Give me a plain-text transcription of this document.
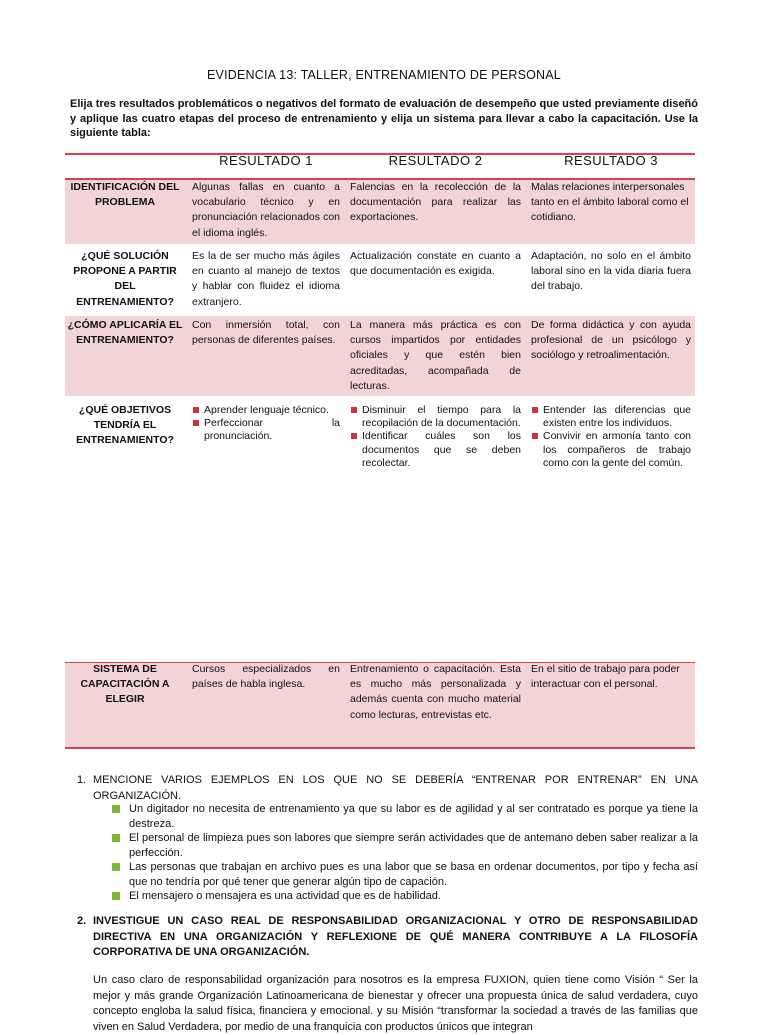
EVIDENCIA 13: TALLER, ENTRENAMIENTO DE PERSONAL
Elija tres resultados problemáticos o negativos del formato de evaluación de desempeño que usted previamente diseñó y aplique las cuatro etapas del proceso de entrenamiento y elija un sistema para llevar a cabo la capacitación. Use la siguiente tabla:
RESULTADO 1	RESULTADO 2	RESULTADO 3
IDENTIFICACIÓN DEL PROBLEMA
Algunas fallas en cuanto a vocabulario técnico y en pronunciación relacionados con el idioma inglés.
Falencias en la recolección de la documentación para realizar las exportaciones.
Malas relaciones interpersonales tanto en el ámbito laboral como el cotidiano.
¿QUÉ SOLUCIÓN PROPONE A PARTIR DEL ENTRENAMIENTO?
Es la de ser mucho más ágiles en cuanto al manejo de textos y hablar con fluidez el idioma extranjero.
Actualización constate en cuanto a que documentación es exigida.
Adaptación, no solo en el ámbito laboral sino en la vida diaria fuera del trabajo.
¿CÓMO APLICARÍA EL ENTRENAMIENTO?
Con inmersión total, con personas de diferentes países.
La manera más práctica es con cursos impartidos por entidades oficiales y que estén bien acreditadas, acompañada de lecturas.
De forma didáctica y con ayuda profesional de un psicólogo y sociólogo y retroalimentación.
¿QUÉ OBJETIVOS TENDRÍA EL ENTRENAMIENTO?
Aprender lenguaje técnico.
Perfeccionar la pronunciación.
Disminuir el tiempo para la recopilación de la documentación.
Identificar cuáles son los documentos que se deben recolectar.
Entender las diferencias que existen entre los individuos.
Convivir en armonía tanto con los compañeros de trabajo como con la gente del común.
SISTEMA DE CAPACITACIÓN A ELEGIR
Cursos especializados en países de habla inglesa.
Entrenamiento o capacitación. Esta es mucho más personalizada y además cuenta con mucho material como lecturas, entrevistas etc.
En el sitio de trabajo para poder interactuar con el personal.
1. MENCIONE VARIOS EJEMPLOS EN LOS QUE NO SE DEBERÍA “ENTRENAR POR ENTRENAR” EN UNA ORGANIZACIÓN.
Un digitador no necesita de entrenamiento ya que su labor es de agilidad y al ser contratado es porque ya tiene la destreza.
El personal de limpieza pues son labores que siempre serán actividades que de antemano deben saber realizar a la perfección.
Las personas que trabajan en archivo pues es una labor que se basa en ordenar documentos, por tipo y fecha así que no tendría por qué tener que generar algún tipo de capación.
El mensajero o mensajera es una actividad que es de habilidad.
2. INVESTIGUE UN CASO REAL DE RESPONSABILIDAD ORGANIZACIONAL Y OTRO DE RESPONSABILIDAD DIRECTIVA EN UNA ORGANIZACIÓN Y REFLEXIONE DE QUÉ MANERA CONTRIBUYE A LA FILOSOFÍA CORPORATIVA DE UNA ORGANIZACIÓN.
Un caso claro de responsabilidad organización para nosotros es la empresa FUXION, quien tiene como Visión “ Ser la mejor y más grande Organización Latinoamericana de bienestar y ofrecer una propuesta única de salud verdadera, cuyo concepto engloba la salud física, financiera y emocional. y su Misión “transformar la sociedad a través de las familias que viven en Salud Verdadera, por medio de una franquicia con productos únicos que integran
